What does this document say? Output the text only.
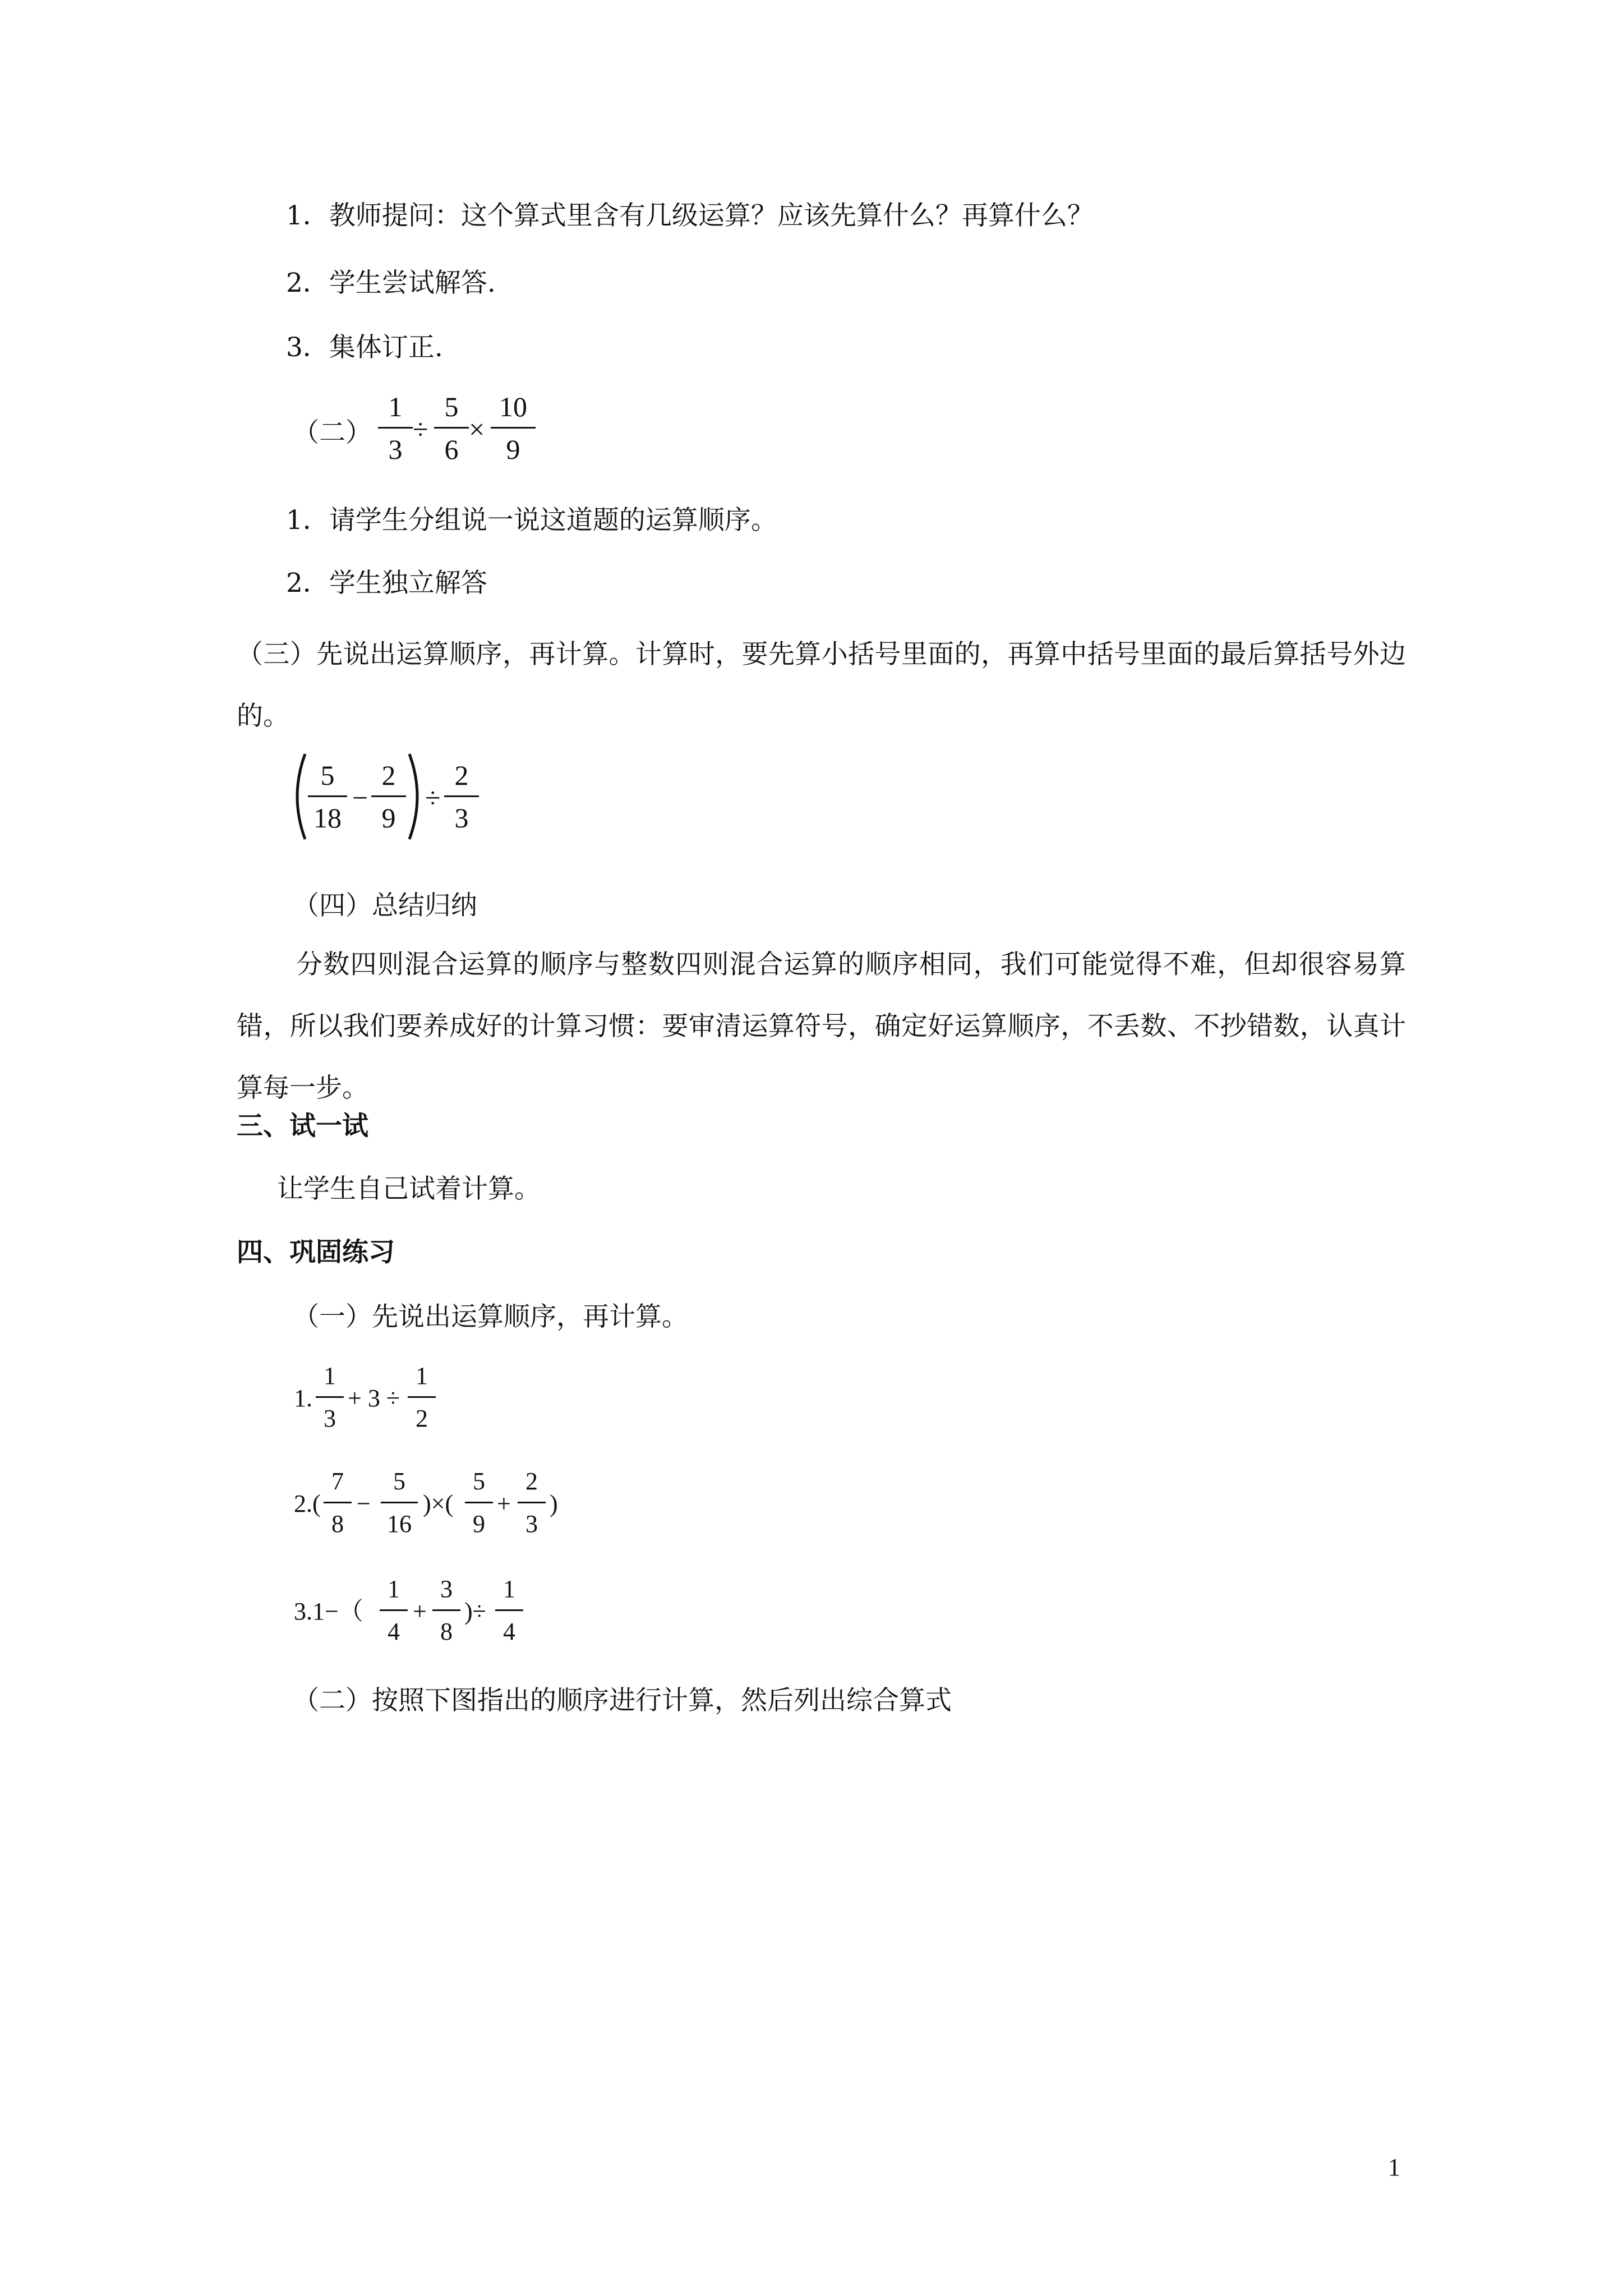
1．教师提问：这个算式里含有几级运算？应该先算什么？再算什么？
2．学生尝试解答.
3．集体订正.
（二）
1
3
÷
5
6
×
10
9
1．请学生分组说一说这道题的运算顺序。
2．学生独立解答
（三）先说出运算顺序，再计算。计算时，要先算小括号里面的，再算中括号里面的最后算括号外边的。
5
18
−
2
9
÷
2
3
（四）总结归纳
分数四则混合运算的顺序与整数四则混合运算的顺序相同，我们可能觉得不难，但却很容易算错，所以我们要养成好的计算习惯：要审清运算符号，确定好运算顺序，不丢数、不抄错数，认真计算每一步。
三、试一试
让学生自己试着计算。
四、巩固练习
（一）先说出运算顺序，再计算。
1.
1
3
+ 3 ÷
1
2
2.(
7
8
−
5
16
)×(
5
9
+
2
3
)
3.1−（
1
4
+
3
8
)÷
1
4
（二）按照下图指出的顺序进行计算，然后列出综合算式
1
